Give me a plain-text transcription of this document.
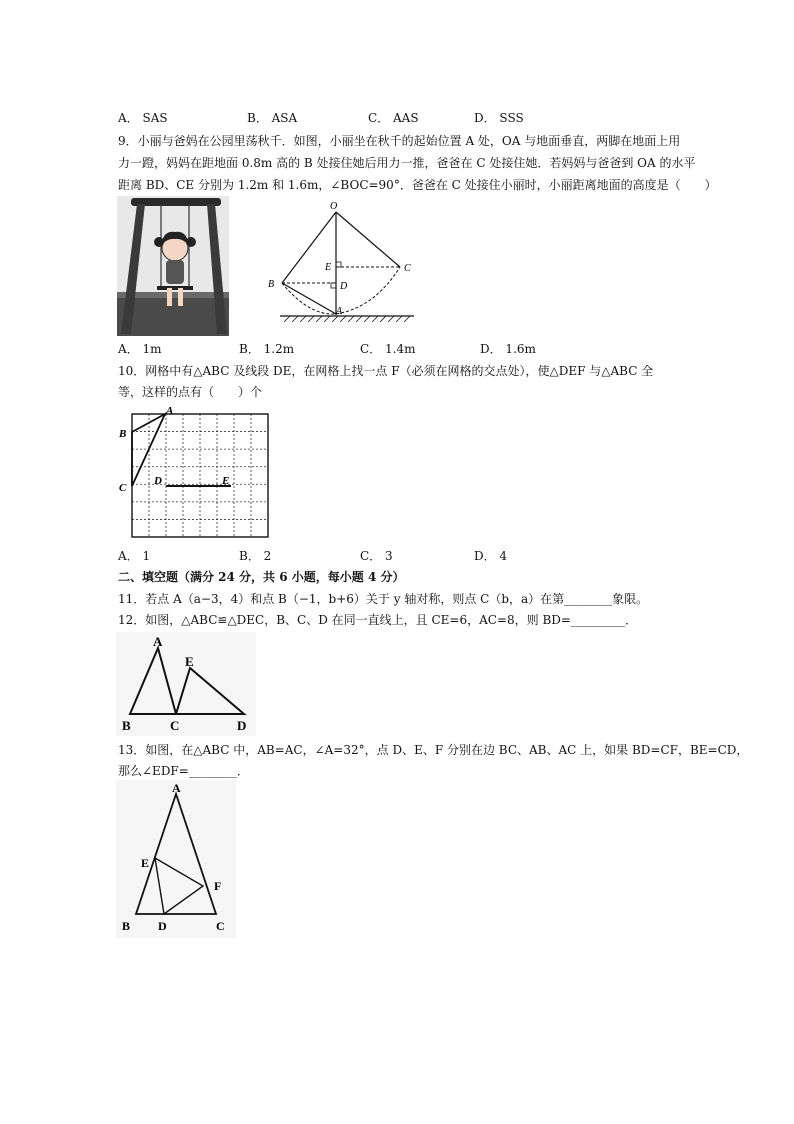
A． SAS	B． ASA	C． AAS	D． SSS
9．小丽与爸妈在公园里荡秋千．如图，小丽坐在秋千的起始位置 A 处，OA 与地面垂直，两脚在地面上用
力一蹬，妈妈在距地面 0.8m 高的 B 处接住她后用力一推，爸爸在 C 处接住她．若妈妈与爸爸到 OA 的水平
距离 BD、CE 分别为 1.2m 和 1.6m，∠BOC=90°．爸爸在 C 处接住小丽时，小丽距离地面的高度是（　　）
O
E	C
B	D
A
A． 1m	B． 1.2m	C． 1.4m	D． 1.6m
10．网格中有△ABC 及线段 DE，在网格上找一点 F（必须在网格的交点处），使△DEF 与△ABC 全
等，这样的点有（　　）个
A
B
C
D	E
A． 1	B． 2	C． 3	D． 4
二、填空题（满分 24 分，共 6 小题，每小题 4 分）
11．若点 A（a−3，4）和点 B（−1，b+6）关于 y 轴对称，则点 C（b，a）在第________象限。
12．如图，△ABC≌△DEC，B、C、D 在同一直线上，且 CE=6，AC=8，则 BD=_________．
A
E
B	C	D
13．如图，在△ABC 中，AB=AC，∠A=32°，点 D、E、F 分别在边 BC、AB、AC 上，如果 BD=CF，BE=CD，
那么∠EDF=________．
A
E
F
B D	C
